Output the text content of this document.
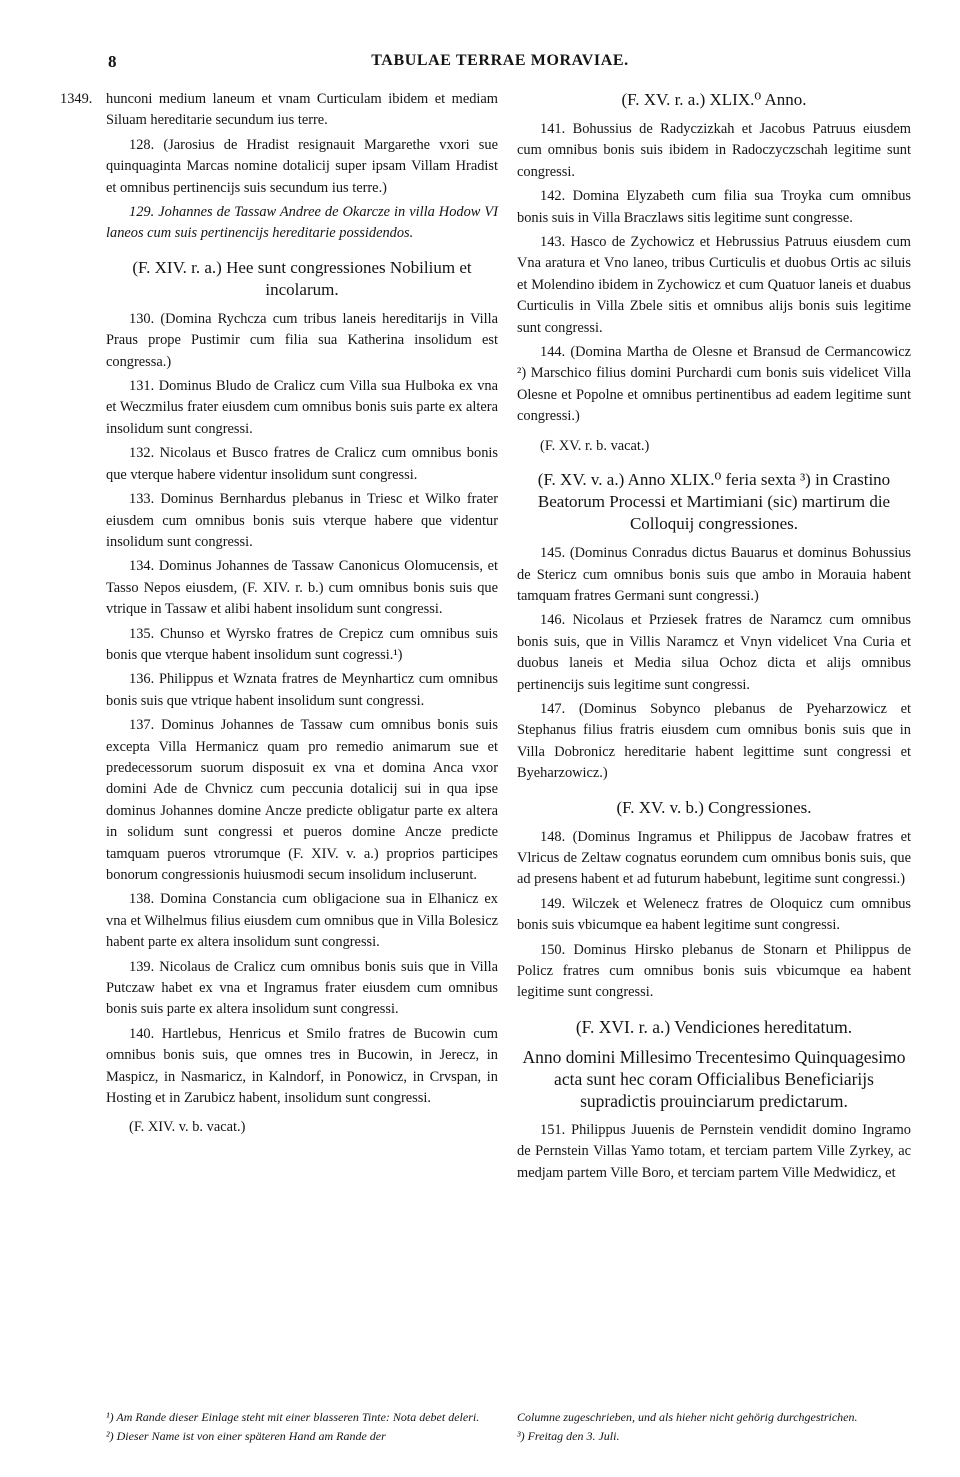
8	TABULAE TERRAE MORAVIAE.
1349. hunconi medium laneum et vnam Curticulam ibidem et mediam Siluam hereditarie secundum ius terre.

128. (Jarosius de Hradist resignauit Margarethe vxori sue quinquaginta Marcas nomine dotalicij super ipsam Villam Hradist et omnibus pertinencijs suis secundum ius terre.)

129. Johannes de Tassaw Andree de Okarcze in villa Hodow VI laneos cum suis pertinencijs hereditarie possidendos.

(F. XIV. r. a.) Hee sunt congressiones Nobilium et incolarum.

130. (Domina Rychcza cum tribus laneis hereditarijs in Villa Praus prope Pustimir cum filia sua Katherina insolidum est congressa.)

131. Dominus Bludo de Cralicz cum Villa sua Hulboka ex vna et Weczmilus frater eiusdem cum omnibus bonis suis parte ex altera insolidum sunt congressi.

132. Nicolaus et Busco fratres de Cralicz cum omnibus bonis que vterque habere videntur insolidum sunt congressi.

133. Dominus Bernhardus plebanus in Triesc et Wilko frater eiusdem cum omnibus bonis suis vterque habere que videntur insolidum sunt congressi.

134. Dominus Johannes de Tassaw Canonicus Olomucensis, et Tasso Nepos eiusdem, (F. XIV. r. b.) cum omnibus bonis suis que vtrique in Tassaw et alibi habent insolidum sunt congressi.

135. Chunso et Wyrsko fratres de Crepicz cum omnibus suis bonis que vterque habent insolidum sunt cogressi.¹)

136. Philippus et Wznata fratres de Meynharticz cum omnibus bonis suis que vtrique habent insolidum sunt congressi.

137. Dominus Johannes de Tassaw cum omnibus bonis suis excepta Villa Hermanicz quam pro remedio animarum sue et predecessorum suorum disposuit ex vna et domina Anca vxor domini Ade de Chvnicz cum peccunia dotalicij sui in qua ipse dominus Johannes domine Ancze predicte obligatur parte ex altera in solidum sunt congressi et pueros domine Ancze predicte tamquam pueros vtrorumque (F. XIV. v. a.) proprios participes bonorum congressionis huiusmodi secum insolidum incluserunt.

138. Domina Constancia cum obligacione sua in Elhanicz ex vna et Wilhelmus filius eiusdem cum omnibus que in Villa Bolesicz habent parte ex altera insolidum sunt congressi.

139. Nicolaus de Cralicz cum omnibus bonis suis que in Villa Putczaw habet ex vna et Ingramus frater eiusdem cum omnibus bonis suis parte ex altera insolidum sunt congressi.

140. Hartlebus, Henricus et Smilo fratres de Bucowin cum omnibus bonis suis, que omnes tres in Bucowin, in Jerecz, in Maspicz, in Nasmaricz, in Kalndorf, in Ponowicz, in Crvspan, in Hosting et in Zarubicz habent, insolidum sunt congressi.

(F. XIV. v. b. vacat.)

(F. XV. r. a.) XLIX.⁰ Anno.

141. Bohussius de Radyczizkah et Jacobus Patruus eiusdem cum omnibus bonis suis ibidem in Radoczyczschah legitime sunt congressi.

142. Domina Elyzabeth cum filia sua Troyka cum omnibus bonis suis in Villa Braczlaws sitis legitime sunt congresse.

143. Hasco de Zychowicz et Hebrussius Patruus eiusdem cum Vna aratura et Vno laneo, tribus Curticulis et duobus Ortis ac siluis et Molendino ibidem in Zychowicz et cum Quatuor laneis et duabus Curticulis in Villa Zbele sitis et omnibus alijs bonis suis legitime sunt congressi.

144. (Domina Martha de Olesne et Bransud de Cermancowicz ²) Marschico filius domini Purchardi cum bonis suis videlicet Villa Olesne et Popolne et omnibus pertinentibus ad eadem legitime sunt congressi.)

(F. XV. r. b. vacat.)

(F. XV. v. a.) Anno XLIX.⁰ feria sexta ³) in Crastino Beatorum Processi et Martimiani (sic) martirum die Colloquij congressiones.

145. (Dominus Conradus dictus Bauarus et dominus Bohussius de Stericz cum omnibus bonis suis que ambo in Morauia habent tamquam fratres Germani sunt congressi.)

146. Nicolaus et Prziesek fratres de Naramcz cum omnibus bonis suis, que in Villis Naramcz et Vnyn videlicet Vna Curia et duobus laneis et Media silua Ochoz dicta et alijs omnibus pertinencijs suis legitime sunt congressi.

147. (Dominus Sobynco plebanus de Pyeharzowicz et Stephanus filius fratris eiusdem cum omnibus bonis suis que in Villa Dobronicz hereditarie habent legittime sunt congressi et Byeharzowicz.)

(F. XV. v. b.) Congressiones.

148. (Dominus Ingramus et Philippus de Jacobaw fratres et Vlricus de Zeltaw cognatus eorundem cum omnibus bonis suis, que ad presens habent et ad futurum habebunt, legitime sunt congressi.)

149. Wilczek et Welenecz fratres de Oloquicz cum omnibus bonis suis vbicumque ea habent legitime sunt congressi.

150. Dominus Hirsko plebanus de Stonarn et Philippus de Policz fratres cum omnibus bonis suis vbicumque ea habent legitime sunt congressi.

(F. XVI. r. a.) Vendiciones hereditatum.
Anno domini Millesimo Trecentesimo Quinquagesimo acta sunt hec coram Officialibus Beneficiarijs supradictis prouinciarum predictarum.

151. Philippus Juuenis de Pernstein vendidit domino Ingramo de Pernstein Villas Yamo totam, et terciam partem Ville Zyrkey, ac medjam partem Ville Boro, et terciam partem Ville Medwidicz, et

¹) Am Rande dieser Einlage steht mit einer blasseren Tinte: Nota debet deleri.
²) Dieser Name ist von einer späteren Hand am Rande der
Columne zugeschrieben, und als hieher nicht gehörig durchgestrichen.
³) Freitag den 3. Juli.
